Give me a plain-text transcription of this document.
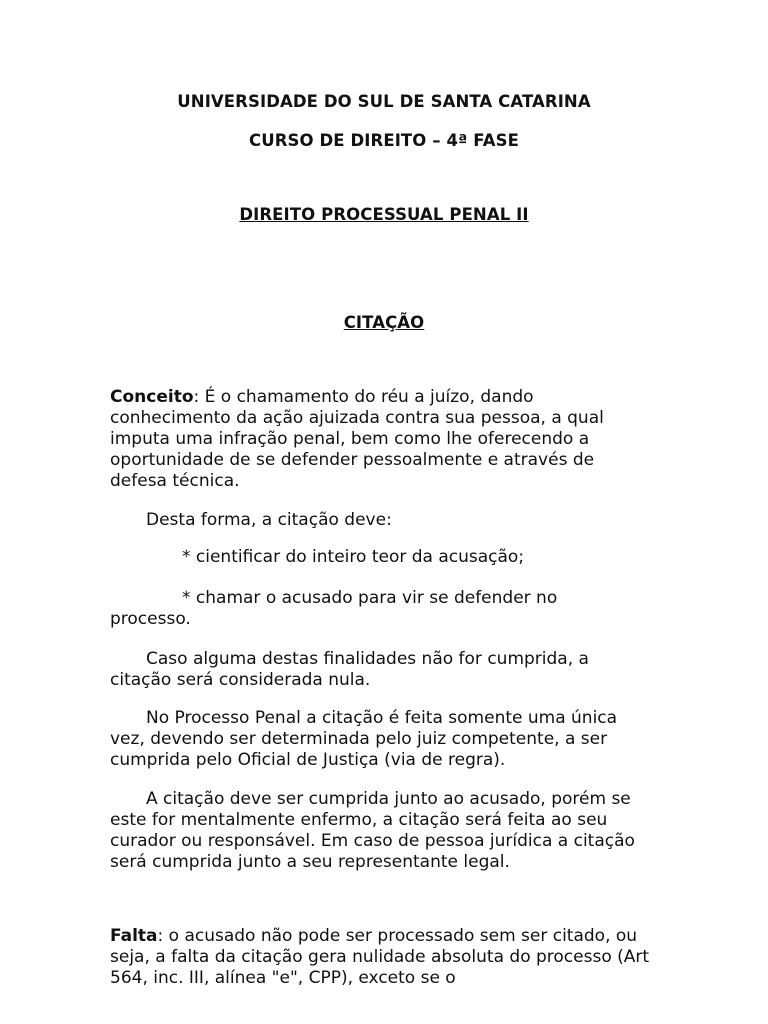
UNIVERSIDADE DO SUL DE SANTA CATARINA
CURSO DE DIREITO – 4ª FASE
DIREITO PROCESSUAL PENAL II
CITAÇÃO

Conceito: É o chamamento do réu a juízo, dando conhecimento da ação ajuizada contra sua pessoa, a qual imputa uma infração penal, bem como lhe oferecendo a oportunidade de se defender pessoalmente e através de defesa técnica.

Desta forma, a citação deve:

* cientificar do inteiro teor da acusação;

* chamar o acusado para vir se defender no
processo.

Caso alguma destas finalidades não for cumprida, a citação será considerada nula.

No Processo Penal a citação é feita somente uma única vez, devendo ser determinada pelo juiz competente, a ser cumprida pelo Oficial de Justiça (via de regra).

A citação deve ser cumprida junto ao acusado, porém se este for mentalmente enfermo, a citação será feita ao seu curador ou responsável. Em caso de pessoa jurídica a citação será cumprida junto a seu representante legal.

Falta: o acusado não pode ser processado sem ser citado, ou seja, a falta da citação gera nulidade absoluta do processo (Art 564, inc. III, alínea "e", CPP), exceto se o
